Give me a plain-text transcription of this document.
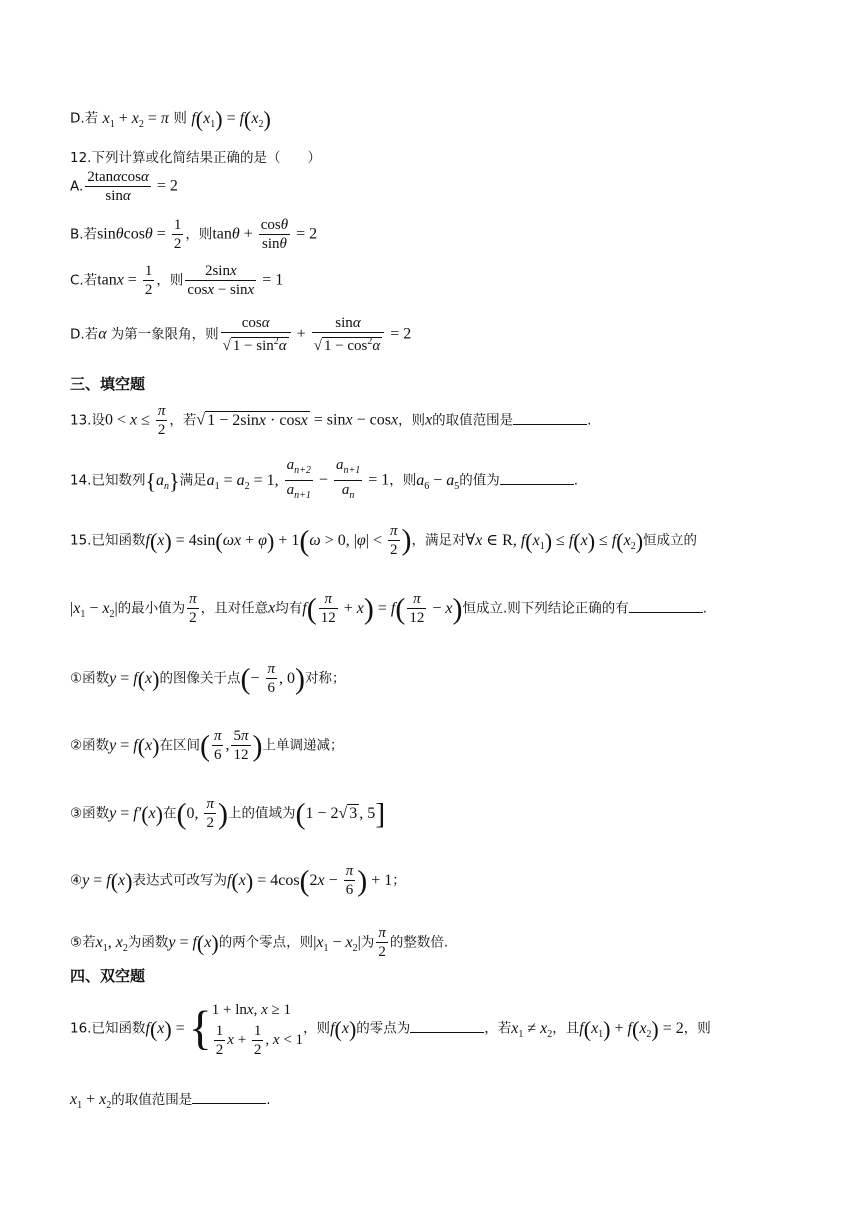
D.若 $x_1 + x_2 = \pi$ 则 $f(x_1) = f(x_2)$
12.下列计算或化简结果正确的是（　　）
A. $\frac{2\tan\alpha\cos\alpha}{\sin\alpha} = 2$
B.若$\sin\theta\cos\theta = \frac{1}{2}$ ，则$\tan\theta + \frac{\cos\theta}{\sin\theta} = 2$
C.若$\tan x = \frac{1}{2}$ ，则 $\frac{2\sin x}{\cos x - \sin x} = 1$
D.若α 为第一象限角，则 $\frac{\cos\alpha}{√ 1 - \sin^2\alpha} + \frac{\sin\alpha}{√ 1 - \cos^2\alpha} = 2$
三、填空题
13.设$0 < x \le \frac{\pi}{2}$ ，若√ 1 − 2sinx · cosx = sinx − cosx，则x的取值范围是	.
14.已知数列$\{a_n\}$满足$a_1 = a_2 = 1$, $\frac{a_{n+2}}{a_{n+1}} - \frac{a_{n+1}}{a_n} = 1$，则$a_6 - a_5$的值为	.
15.已知函数f(x) = 4sin(ωx + φ) + 1(ω > 0, $|\varphi| < \frac{\pi}{2}$ )，满足对∀x ∈ R, $f(x_1) \le f(x) \le f(x_2)$恒成立的
$|x_1 - x_2|$的最小值为 $\frac{\pi}{2}$ ，且对任意x均有$f( \frac{\pi}{12} + x) = f( \frac{\pi}{12} - x)$恒成立.则下列结论正确的有	.
①函数y = f(x)的图像关于点(− $\frac{\pi}{6}$ , 0)对称；
②函数y = f(x)在区间( $\frac{\pi}{6}$ , $\frac{5\pi}{12}$ )上单调递减；
③函数y = f′(x)在(0, $\frac{\pi}{2}$ )上的值域为(1 − 2√ 3 , 5]
④y = f(x)表达式可改写为$f(x) = 4\cos(2x - \frac{\pi}{6}$ ) + 1；
⑤若$x_1$, $x_2$为函数y = f(x)的两个零点，则$|x_1 - x_2|$为 $\frac{\pi}{2}$ 的整数倍.
四、双空题
16.已知函数f(x) = { 1 + lnx, x ≥ 1
$\frac{1}{2}$ $x + \frac{1}{2}$ , x < 1
，则f(x)的零点为	，若$x_1 \ne x_2$，且$f(x_1) + f(x_2) = 2$，则
$x_1 + x_2$的取值范围是	.
